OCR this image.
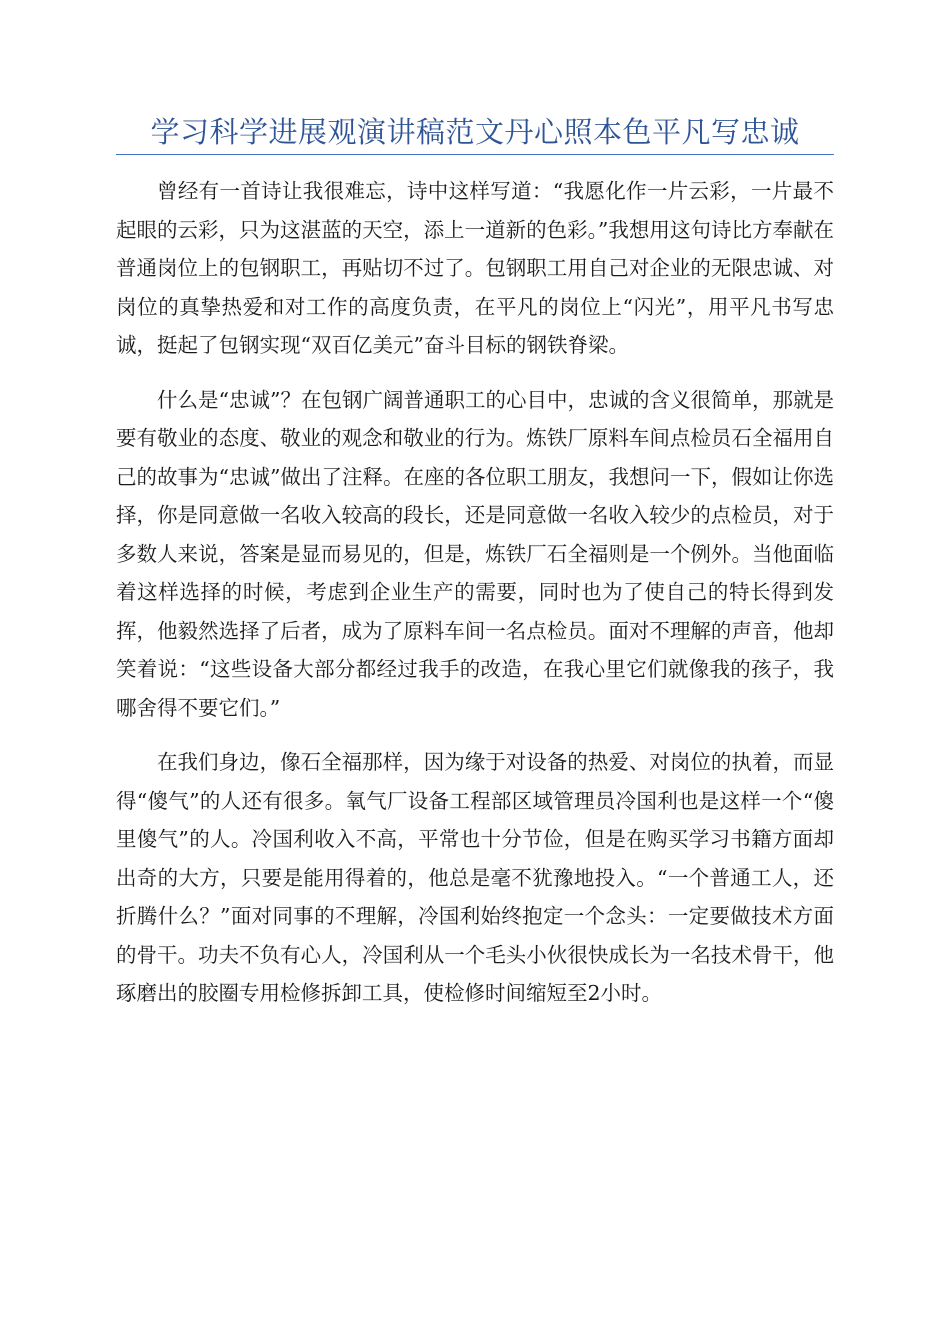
学习科学进展观演讲稿范文丹心照本色平凡写忠诚

曾经有一首诗让我很难忘，诗中这样写道：“我愿化作一片云彩，一片最不起眼的云彩，只为这湛蓝的天空，添上一道新的色彩。”我想用这句诗比方奉献在普通岗位上的包钢职工，再贴切不过了。包钢职工用自己对企业的无限忠诚、对岗位的真挚热爱和对工作的高度负责，在平凡的岗位上“闪光”，用平凡书写忠诚，挺起了包钢实现“双百亿美元”奋斗目标的钢铁脊梁。

什么是“忠诚”？在包钢广阔普通职工的心目中，忠诚的含义很简单，那就是要有敬业的态度、敬业的观念和敬业的行为。炼铁厂原料车间点检员石全福用自己的故事为“忠诚”做出了注释。在座的各位职工朋友，我想问一下，假如让你选择，你是同意做一名收入较高的段长，还是同意做一名收入较少的点检员，对于多数人来说，答案是显而易见的，但是，炼铁厂石全福则是一个例外。当他面临着这样选择的时候，考虑到企业生产的需要，同时也为了使自己的特长得到发挥，他毅然选择了后者，成为了原料车间一名点检员。面对不理解的声音，他却笑着说：“这些设备大部分都经过我手的改造，在我心里它们就像我的孩子，我哪舍得不要它们。”

在我们身边，像石全福那样，因为缘于对设备的热爱、对岗位的执着，而显得“傻气”的人还有很多。氧气厂设备工程部区域管理员冷国利也是这样一个“傻里傻气”的人。冷国利收入不高，平常也十分节俭，但是在购买学习书籍方面却出奇的大方，只要是能用得着的，他总是毫不犹豫地投入。“一个普通工人，还折腾什么？”面对同事的不理解，冷国利始终抱定一个念头：一定要做技术方面的骨干。功夫不负有心人，冷国利从一个毛头小伙很快成长为一名技术骨干，他琢磨出的胶圈专用检修拆卸工具，使检修时间缩短至2小时。
